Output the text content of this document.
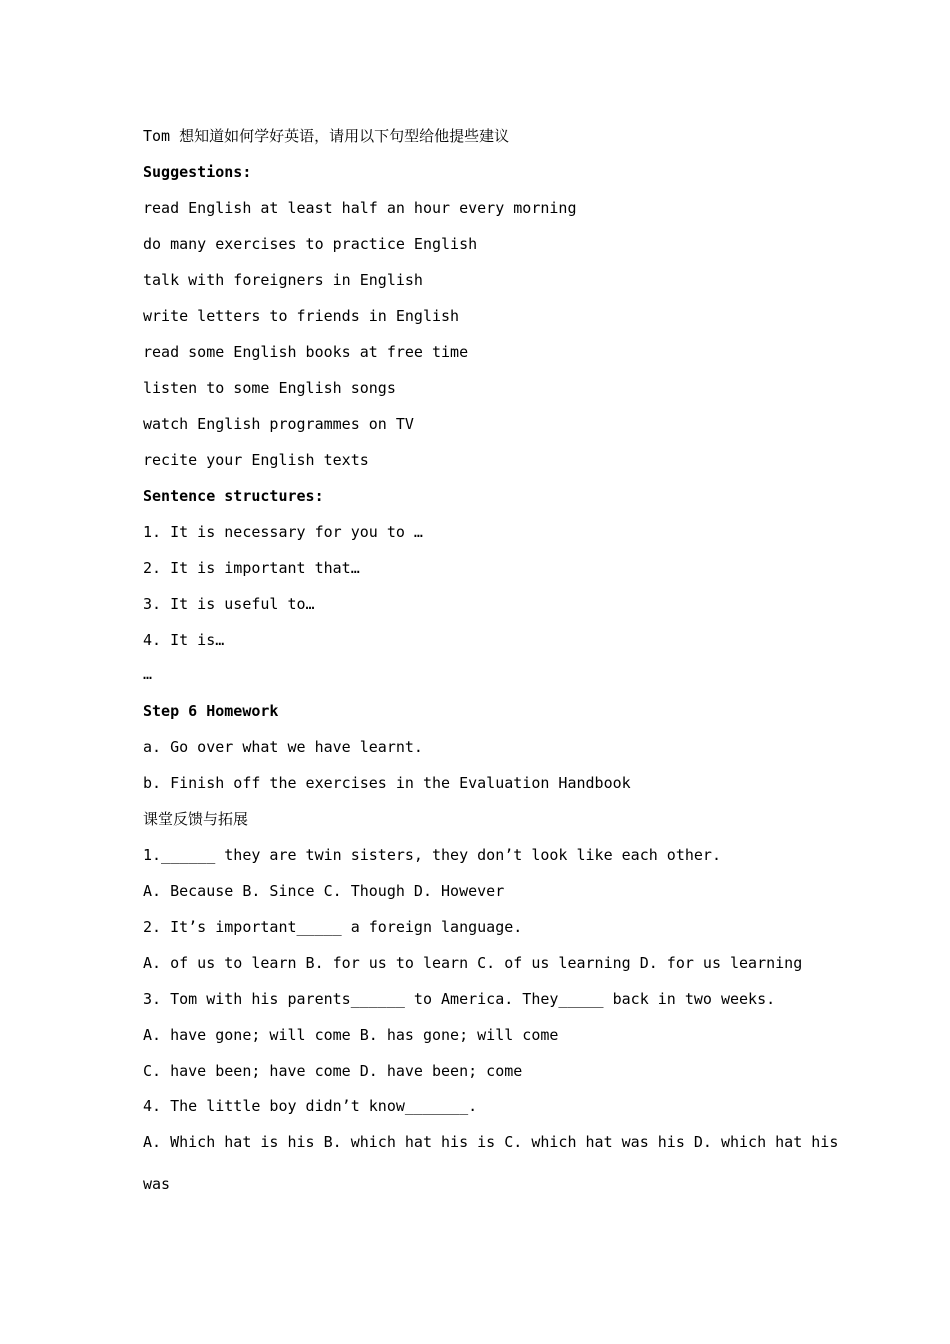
Tom 想知道如何学好英语，请用以下句型给他提些建议

Suggestions:

read English at least half an hour every morning

do many exercises to practice English

talk with foreigners in English

write letters to friends in English

read some English books at free time

listen to some English songs

watch English programmes on TV

recite your English texts

Sentence structures:

1. It is necessary for you to …

2. It is important that…

3. It is useful to…

4. It is…

…

Step 6 Homework

a. Go over what we have learnt.

b. Finish off the exercises in the Evaluation Handbook

课堂反馈与拓展

1.______ they are twin sisters, they don’t look like each other.

A. Because B. Since C. Though D. However

2. It’s important_____ a foreign language.

A. of us to learn B. for us to learn C. of us learning D. for us learning

3. Tom with his parents______ to America. They_____ back in two weeks.

A. have gone; will come B. has gone; will come

C. have been; have come D. have been; come

4. The little boy didn’t know_______.

A. Which hat is his B. which hat his is C. which hat was his D. which hat his

was
